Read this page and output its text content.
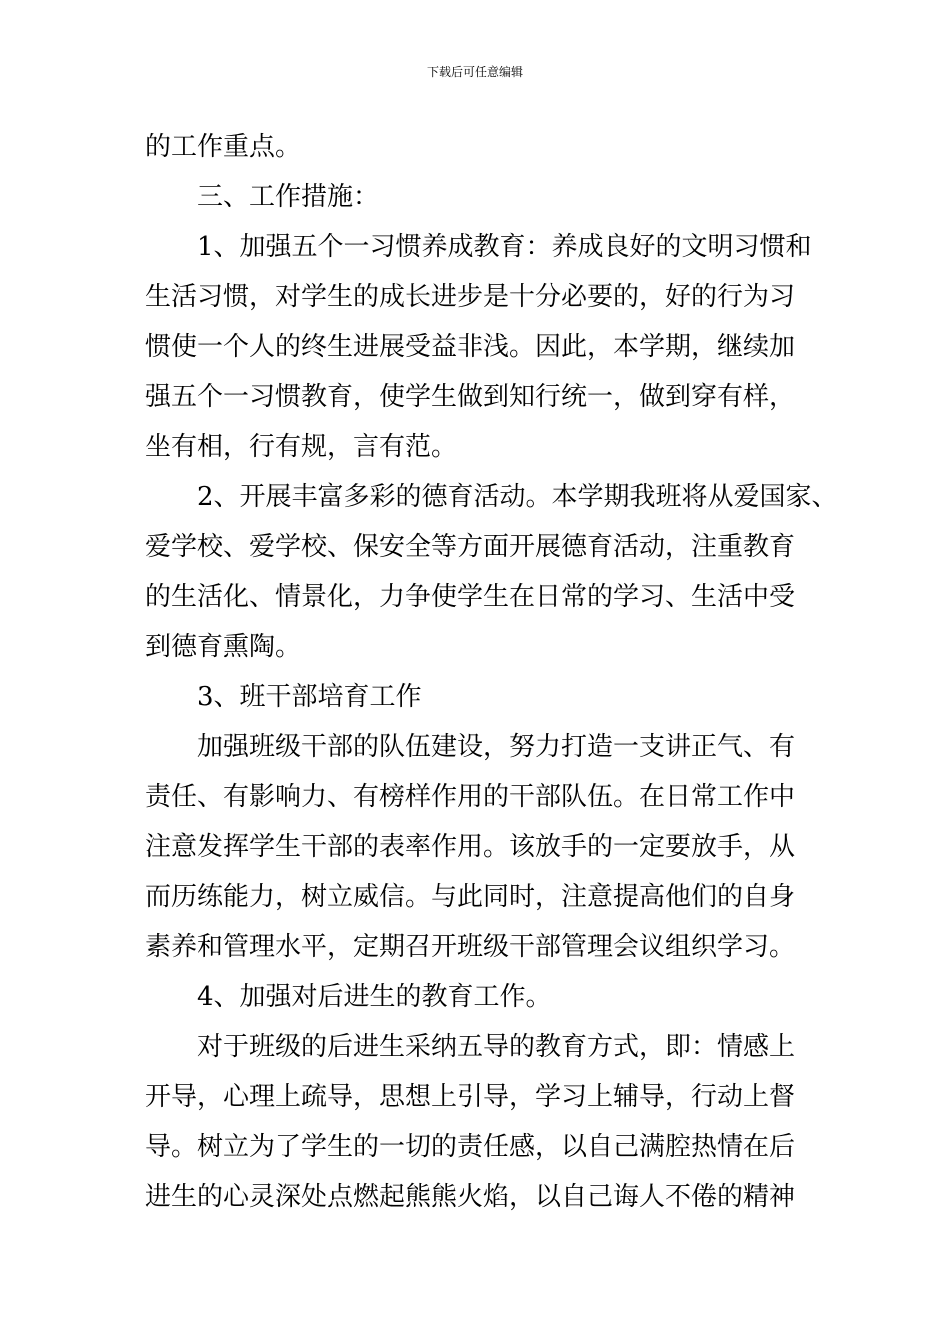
下载后可任意编辑
的工作重点。
三、工作措施：
1、加强五个一习惯养成教育：养成良好的文明习惯和
生活习惯，对学生的成长进步是十分必要的，好的行为习
惯使一个人的终生进展受益非浅。因此，本学期，继续加
强五个一习惯教育，使学生做到知行统一，做到穿有样，
坐有相，行有规，言有范。
2、开展丰富多彩的德育活动。本学期我班将从爱国家、
爱学校、爱学校、保安全等方面开展德育活动，注重教育
的生活化、情景化，力争使学生在日常的学习、生活中受
到德育熏陶。
3、班干部培育工作
加强班级干部的队伍建设，努力打造一支讲正气、有
责任、有影响力、有榜样作用的干部队伍。在日常工作中
注意发挥学生干部的表率作用。该放手的一定要放手，从
而历练能力，树立威信。与此同时，注意提高他们的自身
素养和管理水平，定期召开班级干部管理会议组织学习。
4、加强对后进生的教育工作。
对于班级的后进生采纳五导的教育方式，即：情感上
开导，心理上疏导，思想上引导，学习上辅导，行动上督
导。树立为了学生的一切的责任感，以自己满腔热情在后
进生的心灵深处点燃起熊熊火焰，以自己诲人不倦的精神
